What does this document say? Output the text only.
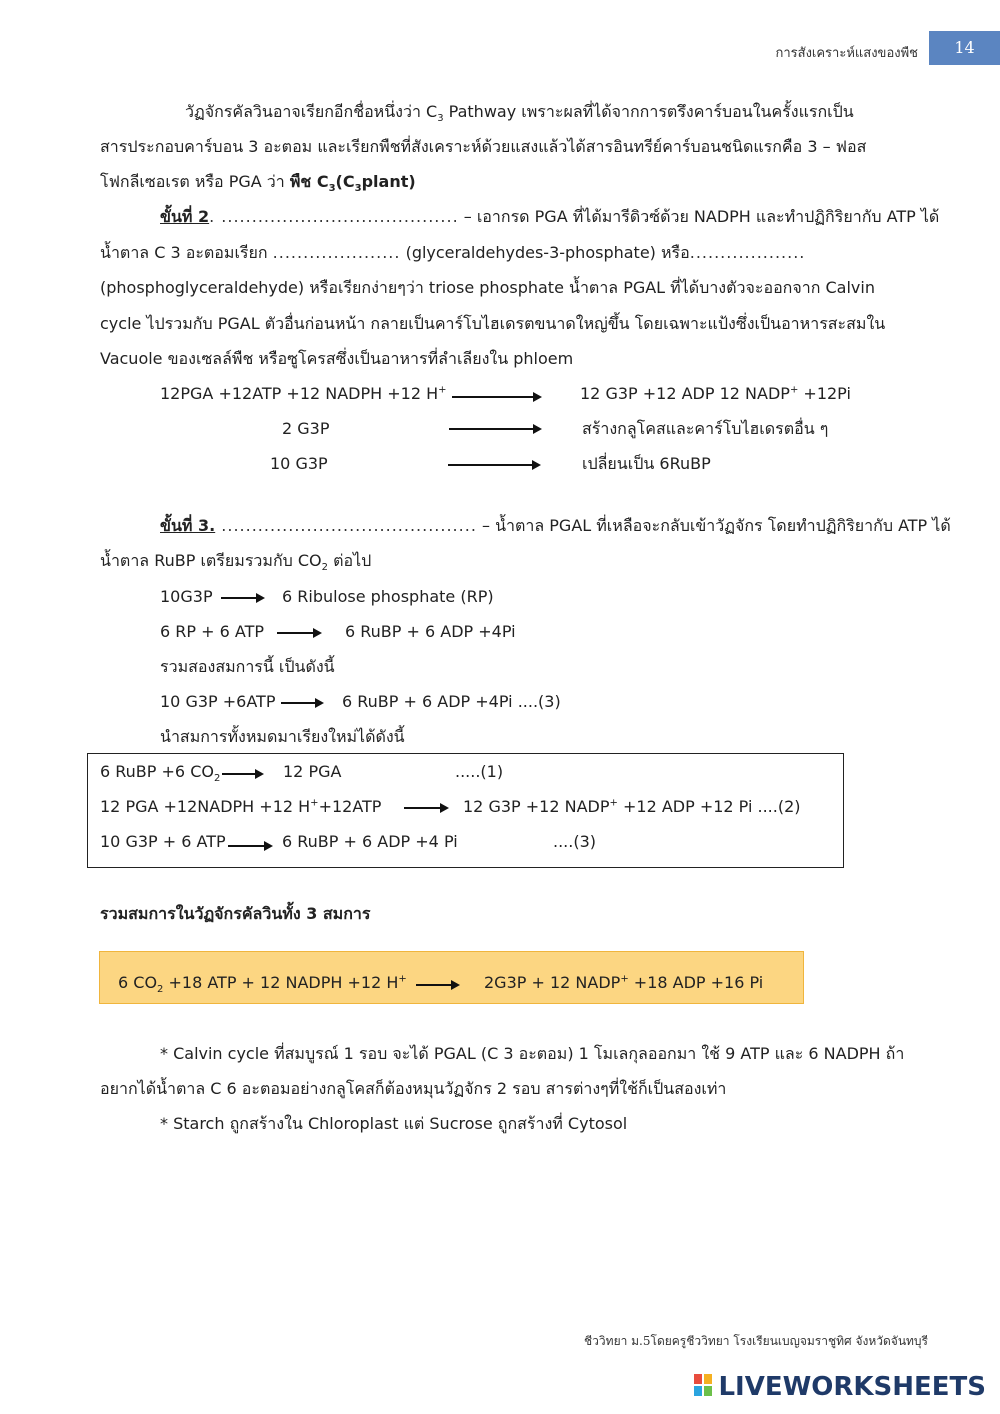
การสังเคราะห์แสงของพืช	14
วัฏจักรคัลวินอาจเรียกอีกชื่อหนึ่งว่า $C_3$ Pathway เพราะผลที่ได้จากการตรึงคาร์บอนในครั้งแรกเป็น
สารประกอบคาร์บอน 3 อะตอม และเรียกพืชที่สังเคราะห์ด้วยแสงแล้วได้สารอินทรีย์คาร์บอนชนิดแรกคือ 3 – ฟอส
โฟกลีเซอเรต หรือ PGA ว่า พืช $C_3(C_3plant)$
ขั้นที่ 2. ....................................... – เอากรด PGA ที่ได้มารีดิวซ์ด้วย NADPH และทำปฏิกิริยากับ ATP ได้
น้ำตาล C 3 อะตอมเรียก ..................... (glyceraldehydes-3-phosphate) หรือ...................
(phosphoglyceraldehyde) หรือเรียกง่ายๆว่า triose phosphate น้ำตาล PGAL ที่ได้บางตัวจะออกจาก Calvin
cycle ไปรวมกับ PGAL ตัวอื่นก่อนหน้า กลายเป็นคาร์โบไฮเดรตขนาดใหญ่ขึ้น โดยเฉพาะแป้งซึ่งเป็นอาหารสะสมใน
Vacuole ของเซลล์พืช หรือซูโครสซึ่งเป็นอาหารที่ลำเลียงใน phloem
12PGA +12ATP +12 NADPH +12 H+	12 G3P +12 ADP 12 NADP+ +12Pi
2 G3P	สร้างกลูโคสและคาร์โบไฮเดรตอื่น ๆ
10 G3P	เปลี่ยนเป็น 6RuBP
ขั้นที่ 3. .......................................... – น้ำตาล PGAL ที่เหลือจะกลับเข้าวัฏจักร โดยทำปฏิกิริยากับ ATP ได้
น้ำตาล RuBP เตรียมรวมกับ $CO_2$ ต่อไป
10G3P	6 Ribulose phosphate (RP)
6 RP + 6 ATP	6 RuBP + 6 ADP +4Pi
รวมสองสมการนี้ เป็นดังนี้
10 G3P +6ATP	6 RuBP + 6 ADP +4Pi ....(3)
นำสมการทั้งหมดมาเรียงใหม่ได้ดังนี้
6 RuBP +6 $CO_2$	12 PGA	.....(1)
12 PGA +12NADPH +12 H++12ATP	12 G3P +12 NADP+ +12 ADP +12 Pi ....(2)
10 G3P + 6 ATP	6 RuBP + 6 ADP +4 Pi	....(3)
รวมสมการในวัฏจักรคัลวินทั้ง 3 สมการ
6 $CO_2 +18$ ATP + 12 NADPH +12 H+	2G3P + 12 NADP+ +18 ADP +16 Pi
* Calvin cycle ที่สมบูรณ์ 1 รอบ จะได้ PGAL (C 3 อะตอม) 1 โมเลกุลออกมา ใช้ 9 ATP และ 6 NADPH ถ้า
อยากได้น้ำตาล C 6 อะตอมอย่างกลูโคสก็ต้องหมุนวัฏจักร 2 รอบ สารต่างๆที่ใช้ก็เป็นสองเท่า
* Starch ถูกสร้างใน Chloroplast แต่ Sucrose ถูกสร้างที่ Cytosol
ชีววิทยา ม.5โดยครูชีววิทยา โรงเรียนเบญจมราชูทิศ จังหวัดจันทบุรี
LIVEWORKSHEETS
